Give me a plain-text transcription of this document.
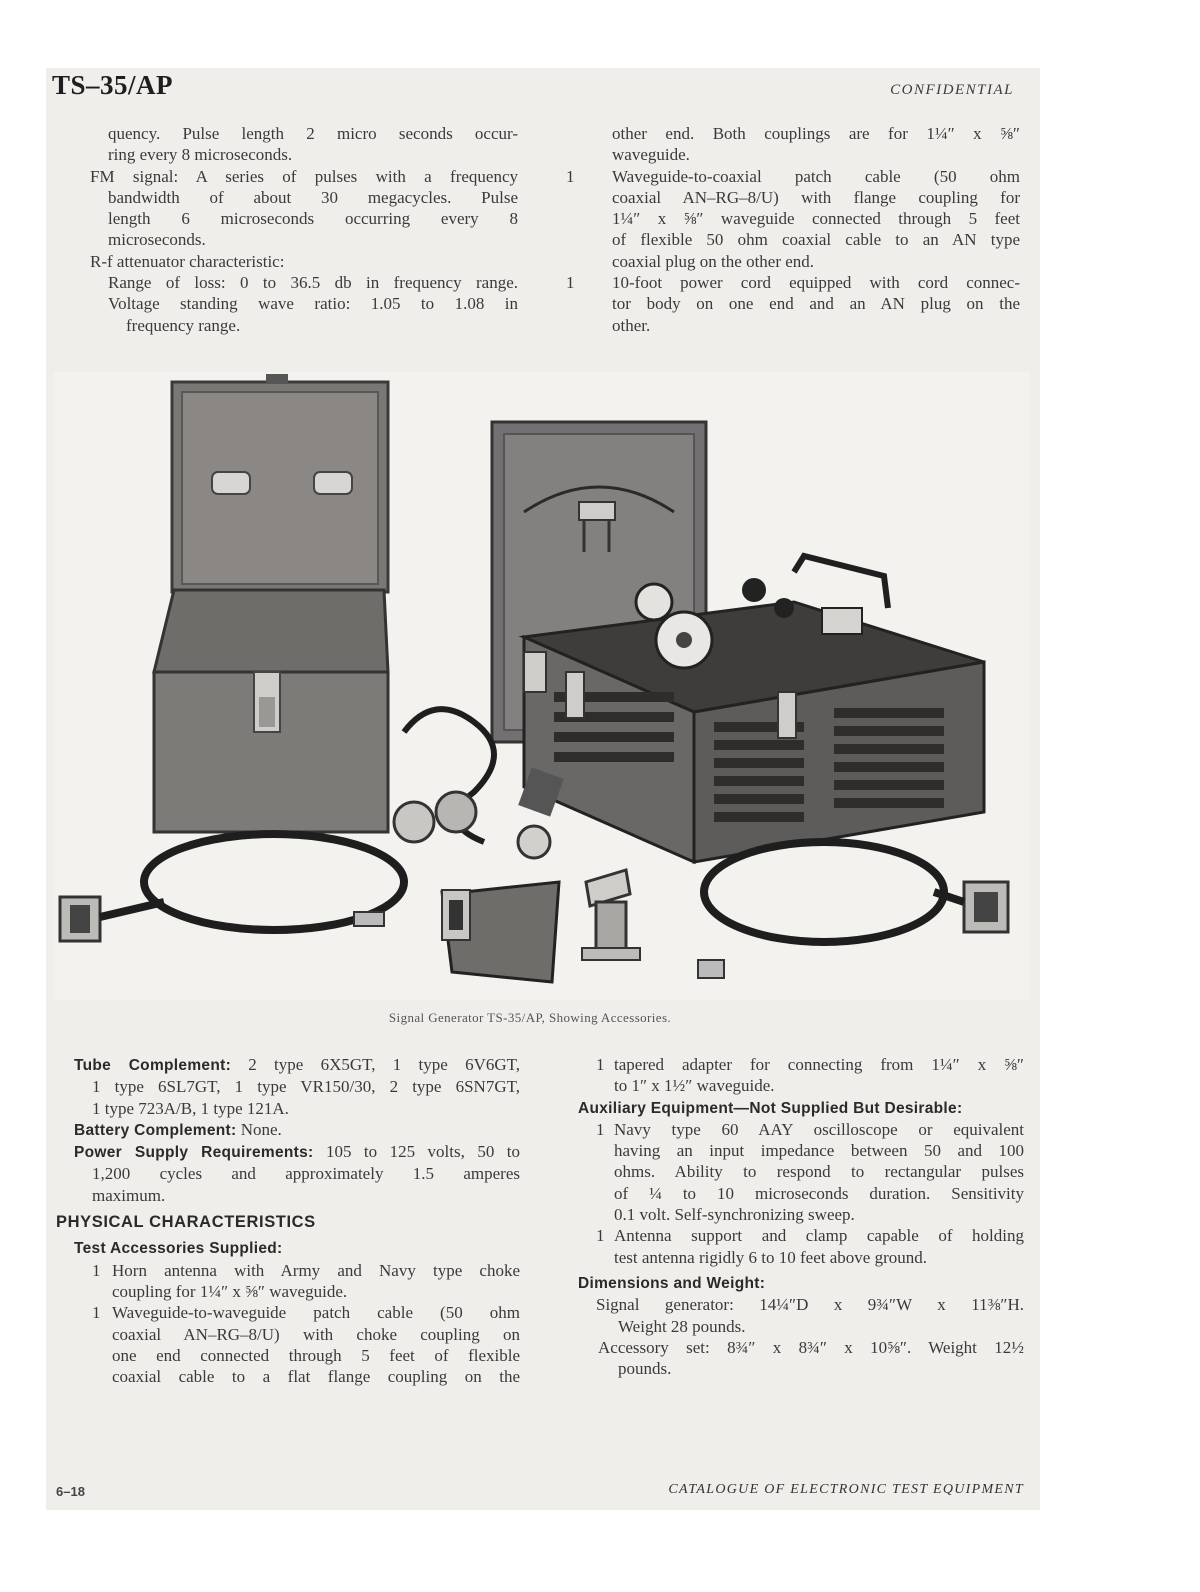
TS–35/AP	CONFIDENTIAL

quency. Pulse length 2 micro seconds occur-

ring every 8 microseconds.

FM signal: A series of pulses with a frequency

bandwidth of about 30 megacycles. Pulse

length 6 microseconds occurring every 8

microseconds.

R-f attenuator characteristic:

Range of loss: 0 to 36.5 db in frequency range.

Voltage standing wave ratio: 1.05 to 1.08 in

frequency range.

other end. Both couplings are for 1¼″ x ⅝″

waveguide.

1 Waveguide-to-coaxial patch cable (50 ohm

coaxial AN–RG–8/U) with flange coupling for

1¼″ x ⅝″ waveguide connected through 5 feet

of flexible 50 ohm coaxial cable to an AN type

coaxial plug on the other end.

1 10-foot power cord equipped with cord connec-

tor body on one end and an AN plug on the

other.

Signal Generator TS-35/AP, Showing Accessories.

Tube Complement: 2 type 6X5GT, 1 type 6V6GT,

1 type 6SL7GT, 1 type VR150/30, 2 type 6SN7GT,

1 type 723A/B, 1 type 121A.

Battery Complement: None.

Power Supply Requirements: 105 to 125 volts, 50 to

1,200 cycles and approximately 1.5 amperes

maximum.

PHYSICAL CHARACTERISTICS

Test Accessories Supplied:

1 Horn antenna with Army and Navy type choke

coupling for 1¼″ x ⅝″ waveguide.

1 Waveguide-to-waveguide patch cable (50 ohm

coaxial AN–RG–8/U) with choke coupling on

one end connected through 5 feet of flexible

coaxial cable to a flat flange coupling on the

1 tapered adapter for connecting from 1¼″ x ⅝″

to 1″ x 1½″ waveguide.

Auxiliary Equipment—Not Supplied But Desirable:

1 Navy type 60 AAY oscilloscope or equivalent

having an input impedance between 50 and 100

ohms. Ability to respond to rectangular pulses

of ¼ to 10 microseconds duration. Sensitivity

0.1 volt. Self-synchronizing sweep.

1 Antenna support and clamp capable of holding

test antenna rigidly 6 to 10 feet above ground.

Dimensions and Weight:

Signal generator: 14¼″D x 9¾″W x 11⅜″H.

Weight 28 pounds.

Accessory set: 8¾″ x 8¾″ x 10⅝″. Weight 12½

pounds.

6–18	CATALOGUE OF ELECTRONIC TEST EQUIPMENT
